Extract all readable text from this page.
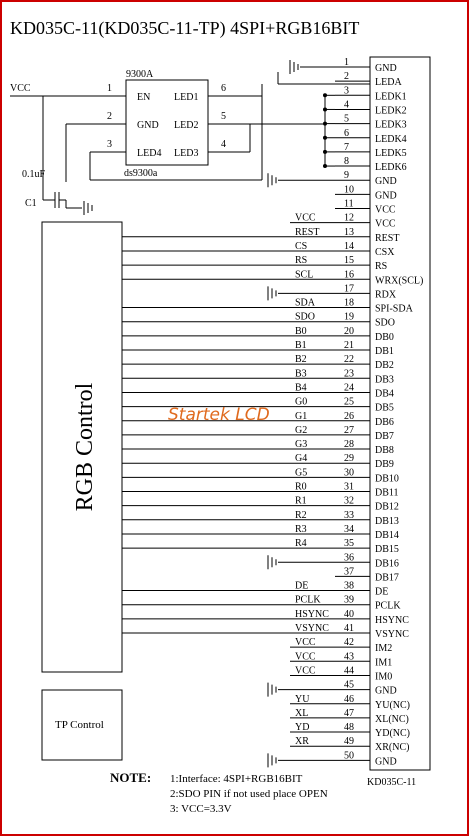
KD035C-11(KD035C-11-TP) 4SPI+RGB16BIT
KD035C-11
1
GND
2
LEDA
3
LEDK1
4
LEDK2
5
LEDK3
6
LEDK4
7
LEDK5
8
LEDK6
9
GND
10
GND
11
VCC
12
VCC
VCC
13
REST
REST
14
CSX
CS
15
RS
RS
16
WRX(SCL)
SCL
17
RDX
18
SPI-SDA
SDA
19
SDO
SDO
20
DB0
B0
21
DB1
B1
22
DB2
B2
23
DB3
B3
24
DB4
B4
25
DB5
G0
26
DB6
G1
27
DB7
G2
28
DB8
G3
29
DB9
G4
30
DB10
G5
31
DB11
R0
32
DB12
R1
33
DB13
R2
34
DB14
R3
35
DB15
R4
36
DB16
37
DB17
38
DE
DE
39
PCLK
PCLK
40
HSYNC
HSYNC
41
VSYNC
VSYNC
42
IM2
VCC
43
IM1
VCC
44
IM0
VCC
45
GND
46
YU(NC)
YU
47
XL(NC)
XL
48
YD(NC)
YD
49
XR(NC)
XR
50
GND
9300A
ds9300a
EN
GND
LED4
LED1
LED2
LED3
1
2
3
6
5
4
VCC
0.1uF
C1
RGB Control
TP Control
Startek LCD
NOTE: 1:Interface: 4SPI+RGB16BIT
2:SDO PIN if not used place OPEN
3: VCC=3.3V
